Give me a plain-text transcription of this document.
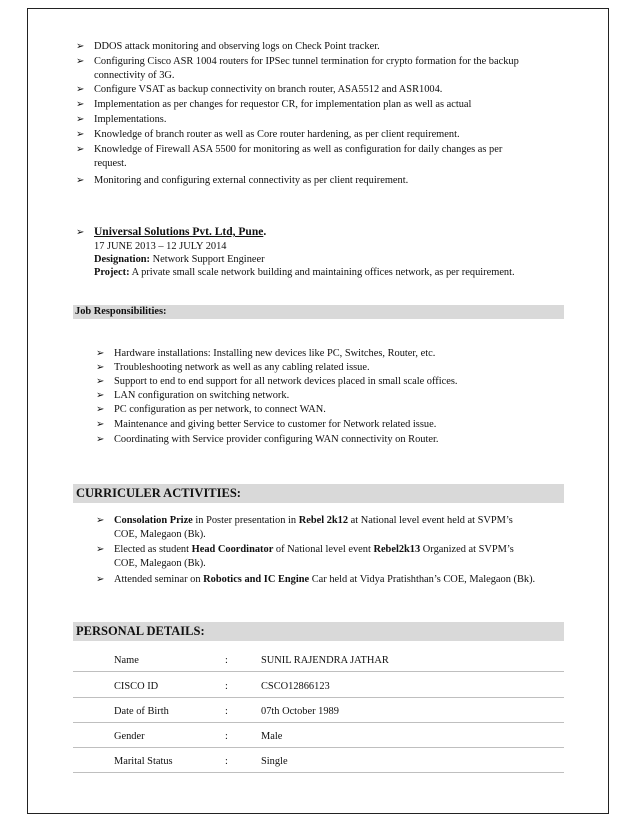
➢ DDOS attack monitoring and observing logs on Check Point tracker.
➢ Configuring Cisco ASR 1004 routers for IPSec tunnel termination for crypto formation for the backup
connectivity of 3G.
➢ Configure VSAT as backup connectivity on branch router, ASA5512 and ASR1004.
➢ Implementation as per changes for requestor CR, for implementation plan as well as actual
➢ Implementations.
➢ Knowledge of branch router as well as Core router hardening, as per client requirement.
➢ Knowledge of Firewall ASA 5500 for monitoring as well as configuration for daily changes as per
request.
➢ Monitoring and configuring external connectivity as per client requirement.
➢ Universal Solutions Pvt. Ltd, Pune.
17 JUNE 2013 – 12 JULY 2014
Designation: Network Support Engineer
Project: A private small scale network building and maintaining offices network, as per requirement.
Job Responsibilities:
➢ Hardware installations: Installing new devices like PC, Switches, Router, etc.
➢ Troubleshooting network as well as any cabling related issue.
➢ Support to end to end support for all network devices placed in small scale offices.
➢ LAN configuration on switching network.
➢ PC configuration as per network, to connect WAN.
➢ Maintenance and giving better Service to customer for Network related issue.
➢ Coordinating with Service provider configuring WAN connectivity on Router.
CURRICULER ACTIVITIES:
➢ Consolation Prize in Poster presentation in Rebel 2k12 at National level event held at SVPM’s
COE, Malegaon (Bk).
➢ Elected as student Head Coordinator of National level event Rebel2k13 Organized at SVPM’s
COE, Malegaon (Bk).
➢ Attended seminar on Robotics and IC Engine Car held at Vidya Pratishthan’s COE, Malegaon (Bk).
PERSONAL DETAILS:
Name	:	SUNIL RAJENDRA JATHAR
CISCO ID	:	CSCO12866123
Date of Birth	:	07th October 1989
Gender	:	Male
Marital Status	:	Single
